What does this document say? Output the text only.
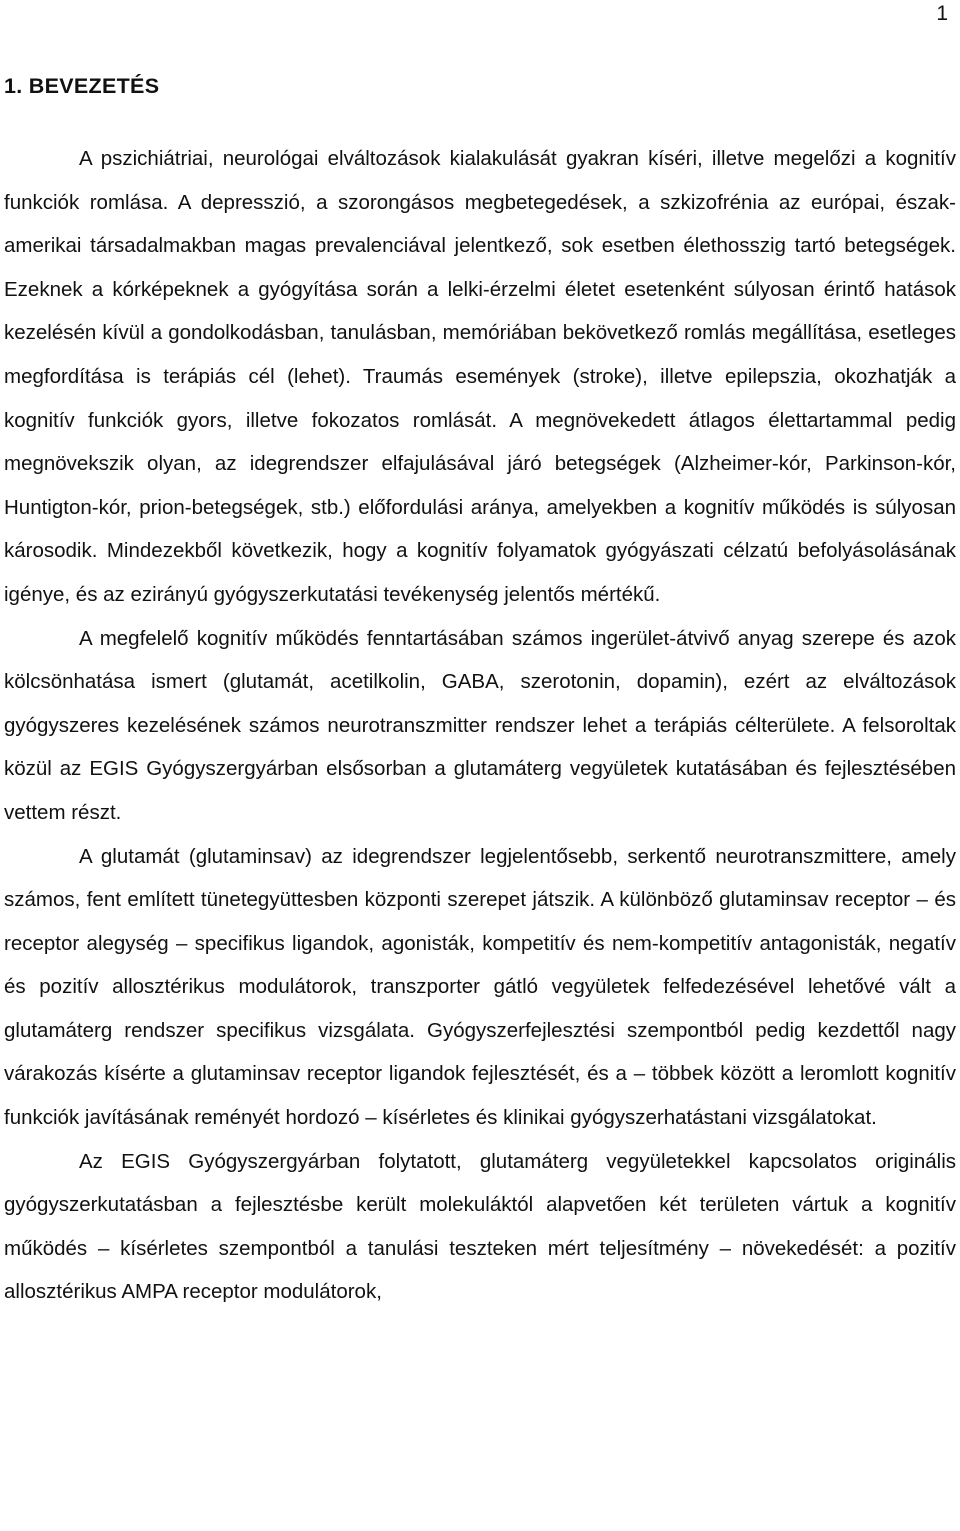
1
1. BEVEZETÉS

A pszichiátriai, neurológai elváltozások kialakulását gyakran kíséri, illetve megelőzi a kognitív funkciók romlása. A depresszió, a szorongásos megbetegedések, a szkizofrénia az európai, észak-amerikai társadalmakban magas prevalenciával jelentkező, sok esetben élethosszig tartó betegségek. Ezeknek a kórképeknek a gyógyítása során a lelki-érzelmi életet esetenként súlyosan érintő hatások kezelésén kívül a gondolkodásban, tanulásban, memóriában bekövetkező romlás megállítása, esetleges megfordítása is terápiás cél (lehet). Traumás események (stroke), illetve epilepszia, okozhatják a kognitív funkciók gyors, illetve fokozatos romlását. A megnövekedett átlagos élettartammal pedig megnövekszik olyan, az idegrendszer elfajulásával járó betegségek (Alzheimer-kór, Parkinson-kór, Huntigton-kór, prion-betegségek, stb.) előfordulási aránya, amelyekben a kognitív működés is súlyosan károsodik. Mindezekből következik, hogy a kognitív folyamatok gyógyászati célzatú befolyásolásának igénye, és az ezirányú gyógyszerkutatási tevékenység jelentős mértékű.

A megfelelő kognitív működés fenntartásában számos ingerület-átvivő anyag szerepe és azok kölcsönhatása ismert (glutamát, acetilkolin, GABA, szerotonin, dopamin), ezért az elváltozások gyógyszeres kezelésének számos neurotranszmitter rendszer lehet a terápiás célterülete. A felsoroltak közül az EGIS Gyógyszergyárban elsősorban a glutamáterg vegyületek kutatásában és fejlesztésében vettem részt.

A glutamát (glutaminsav) az idegrendszer legjelentősebb, serkentő neurotranszmittere, amely számos, fent említett tünetegyüttesben központi szerepet játszik. A különböző glutaminsav receptor – és receptor alegység – specifikus ligandok, agonisták, kompetitív és nem-kompetitív antagonisták, negatív és pozitív allosztérikus modulátorok, transzporter gátló vegyületek felfedezésével lehetővé vált a glutamáterg rendszer specifikus vizsgálata. Gyógyszerfejlesztési szempontból pedig kezdettől nagy várakozás kísérte a glutaminsav receptor ligandok fejlesztését, és a – többek között a leromlott kognitív funkciók javításának reményét hordozó – kísérletes és klinikai gyógyszerhatástani vizsgálatokat.

Az EGIS Gyógyszergyárban folytatott, glutamáterg vegyületekkel kapcsolatos originális gyógyszerkutatásban a fejlesztésbe került molekuláktól alapvetően két területen vártuk a kognitív működés – kísérletes szempontból a tanulási teszteken mért teljesítmény – növekedését: a pozitív allosztérikus AMPA receptor modulátorok,
